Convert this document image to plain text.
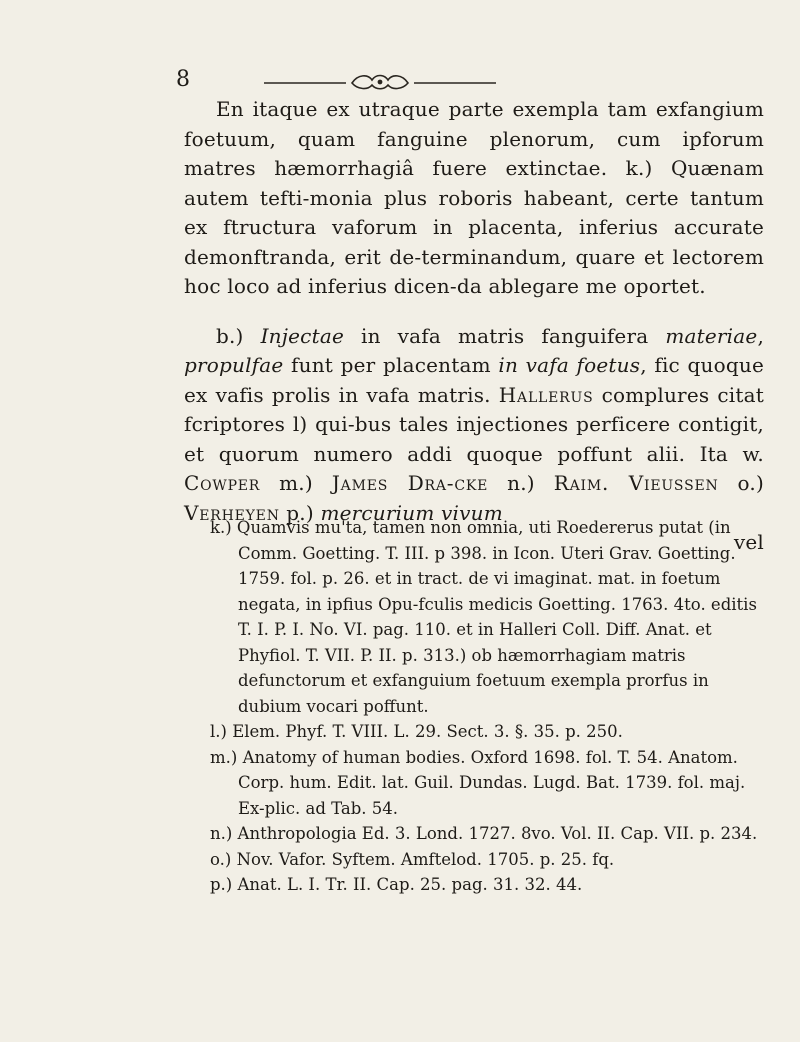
8

En itaque ex utraque parte exempla tam exfangium foetuum, quam fanguine plenorum, cum ipforum matres hæmorrhagiâ fuere extinctae. k.) Quænam autem tefti-monia plus roboris habeant, certe tantum ex ftructura vaforum in placenta, inferius accurate demonftranda, erit de-terminandum, quare et lectorem hoc loco ad inferius dicen-da ablegare me oportet.

b.) Injectae in vafa matris fanguifera materiae, propulfae funt per placentam in vafa foetus, fic quoque ex vafis prolis in vafa matris. Hallerus complures citat fcriptores l) qui-bus tales injectiones perficere contigit, et quorum numero addi quoque poffunt alii. Ita w. Cowper m.) James Dra-cke n.) Raim. Vieussen o.) Verheyen p.) mercurium vivum

vel

k.) Quamvis mu'ta, tamen non omnia, uti Roedererus putat (in Comm. Goetting. T. III. p 398. in Icon. Uteri Grav. Goetting. 1759. fol. p. 26. et in tract. de vi imaginat. mat. in foetum negata, in ipfius Opu-fculis medicis Goetting. 1763. 4to. editis T. I. P. I. No. VI. pag. 110. et in Halleri Coll. Diff. Anat. et Phyfiol. T. VII. P. II. p. 313.) ob hæmorrhagiam matris defunctorum et exfanguium foetuum exempla prorfus in dubium vocari poffunt.

l.) Elem. Phyf. T. VIII. L. 29. Sect. 3. §. 35. p. 250.

m.) Anatomy of human bodies. Oxford 1698. fol. T. 54. Anatom. Corp. hum. Edit. lat. Guil. Dundas. Lugd. Bat. 1739. fol. maj. Ex-plic. ad Tab. 54.

n.) Anthropologia Ed. 3. Lond. 1727. 8vo. Vol. II. Cap. VII. p. 234.

o.) Nov. Vafor. Syftem. Amftelod. 1705. p. 25. fq.

p.) Anat. L. I. Tr. II. Cap. 25. pag. 31. 32. 44.
